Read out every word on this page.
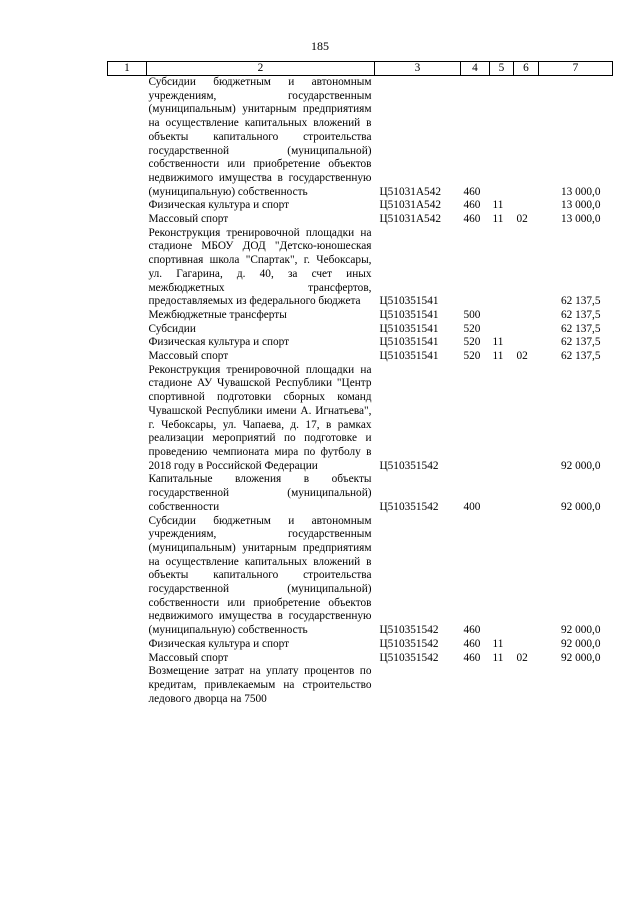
185
1	2	3	4	5	6	7
	Субсидии бюджетным и автономным учреждениям, государственным (муниципальным) унитарным предприятиям на осуществление капитальных вложений в объекты капитального строительства государственной (муниципальной) собственности или приобретение объектов недвижимого имущества в государственную (муниципальную) собственность	Ц51031А542	460			13 000,0
	Физическая культура и спорт	Ц51031А542	460	11		13 000,0
	Массовый спорт	Ц51031А542	460	11	02	13 000,0
	Реконструкция тренировочной площадки на стадионе МБОУ ДОД "Детско-юношеская спортивная школа "Спартак", г. Чебоксары, ул. Гагарина, д. 40, за счет иных межбюджетных трансфертов, предоставляемых из федерального бюджета	Ц510351541				62 137,5
	Межбюджетные трансферты	Ц510351541	500			62 137,5
	Субсидии	Ц510351541	520			62 137,5
	Физическая культура и спорт	Ц510351541	520	11		62 137,5
	Массовый спорт	Ц510351541	520	11	02	62 137,5
	Реконструкция тренировочной площадки на стадионе АУ Чувашской Республики "Центр спортивной подготовки сборных команд Чувашской Республики имени А. Игнатьева", г. Чебоксары, ул. Чапаева, д. 17, в рамках реализации мероприятий по подготовке и проведению чемпионата мира по футболу в 2018 году в Российской Федерации	Ц510351542				92 000,0
	Капитальные вложения в объекты государственной (муниципальной) собственности	Ц510351542	400			92 000,0
	Субсидии бюджетным и автономным учреждениям, государственным (муниципальным) унитарным предприятиям на осуществление капитальных вложений в объекты капитального строительства государственной (муниципальной) собственности или приобретение объектов недвижимого имущества в государственную (муниципальную) собственность	Ц510351542	460			92 000,0
	Физическая культура и спорт	Ц510351542	460	11		92 000,0
	Массовый спорт	Ц510351542	460	11	02	92 000,0
	Возмещение затрат на уплату процентов по кредитам, привлекаемым на строительство ледового дворца на 7500					
